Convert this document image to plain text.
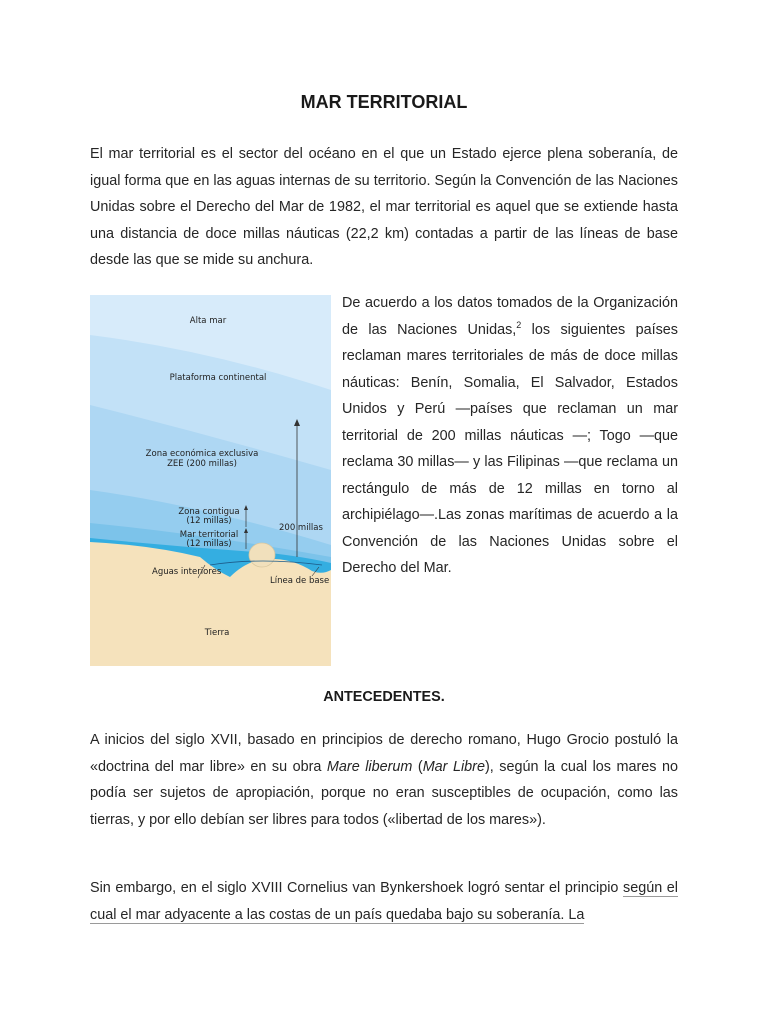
MAR TERRITORIAL

El mar territorial es el sector del océano en el que un Estado ejerce plena soberanía, de igual forma que en las aguas internas de su territorio. Según la Convención de las Naciones Unidas sobre el Derecho del Mar de 1982, el mar territorial es aquel que se extiende hasta una distancia de doce millas náuticas (22,2 km) contadas a partir de las líneas de base desde las que se mide su anchura.

Alta mar
Plataforma continental
Zona económica exclusiva
ZEE (200 millas)
Zona contigua
(12 millas)
Mar territorial
(12 millas)
200 millas
Aguas interiores
Línea de base
Tierra

De acuerdo a los datos tomados de la Organización de las Naciones Unidas,$^2$ los siguientes países reclaman mares territoriales de más de doce millas náuticas: Benín, Somalia, El Salvador, Estados Unidos y Perú —países que reclaman un mar territorial de 200 millas náuticas —; Togo —que reclama 30 millas— y las Filipinas —que reclama un rectángulo de más de 12 millas en torno al archipiélago—.Las zonas marítimas de acuerdo a la Convención de las Naciones Unidas sobre el Derecho del Mar.

ANTECEDENTES.

A inicios del siglo XVII, basado en principios de derecho romano, Hugo Grocio postuló la «doctrina del mar libre» en su obra Mare liberum (Mar Libre), según la cual los mares no podía ser sujetos de apropiación, porque no eran susceptibles de ocupación, como las tierras, y por ello debían ser libres para todos («libertad de los mares»).

Sin embargo, en el siglo XVIII Cornelius van Bynkershoek logró sentar el principio según el cual el mar adyacente a las costas de un país quedaba bajo su soberanía. La
